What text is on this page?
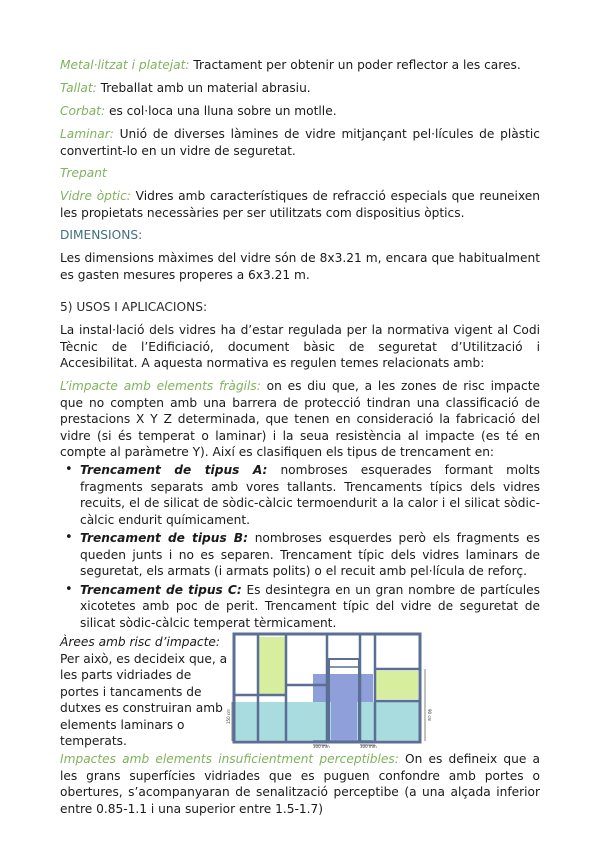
Metal·litzat i platejat: Tractament per obtenir un poder reflector a les cares.

Tallat: Treballat amb un material abrasiu.

Corbat: es col·loca una lluna sobre un motlle.

Laminar: Unió de diverses làmines de vidre mitjançant pel·lícules de plàstic convertint-lo en un vidre de seguretat.

Trepant

Vidre òptic: Vidres amb característiques de refracció especials que reuneixen les propietats necessàries per ser utilitzats com dispositius òptics.

DIMENSIONS:

Les dimensions màximes del vidre són de 8x3.21 m, encara que habitualment es gasten mesures properes a 6x3.21 m.

5) USOS I APLICACIONS:

La instal·lació dels vidres ha d’estar regulada per la normativa vigent al Codi Tècnic de l’Edificiació, document bàsic de seguretat d’Utilització i Accesibilitat. A aquesta normativa es regulen temes relacionats amb:

L’impacte amb elements fràgils: on es diu que, a les zones de risc impacte que no compten amb una barrera de protecció tindran una classificació de prestacions X Y Z determinada, que tenen en consideració la fabricació del vidre (si és temperat o laminar) i la seua resistència al impacte (es té en compte al paràmetre Y). Així es clasifiquen els tipus de trencament en:

• Trencament de tipus A: nombroses esquerades formant molts fragments separats amb vores tallants. Trencaments típics dels vidres recuits, el de silicat de sòdic-càlcic termoendurit a la calor i el silicat sòdic-càlcic endurit químicament.
• Trencament de tipus B: nombroses esquerdes però els fragments es queden junts i no es separen. Trencament típic dels vidres laminars de seguretat, els armats (i armats polits) o el recuit amb pel·lícula de reforç.
• Trencament de tipus C: Es desintegra en un gran nombre de partícules xicotetes amb poc de perit. Trencament típic del vidre de seguretat de silicat sòdic-càlcic temperat tèrmicament.

Àrees amb risc d’impacte: Per això, es decideix que, a les parts vidriades de portes i tancaments de dutxes es construiran amb elements laminars o temperats.

150 cm	90 cm
300 mm	300 mm

Impactes amb elements insuficientment perceptibles: On es defineix que a les grans superfícies vidriades que es puguen confondre amb portes o obertures, s’acompanyaran de senalització perceptibe (a una alçada inferior entre 0.85-1.1 i una superior entre 1.5-1.7)
